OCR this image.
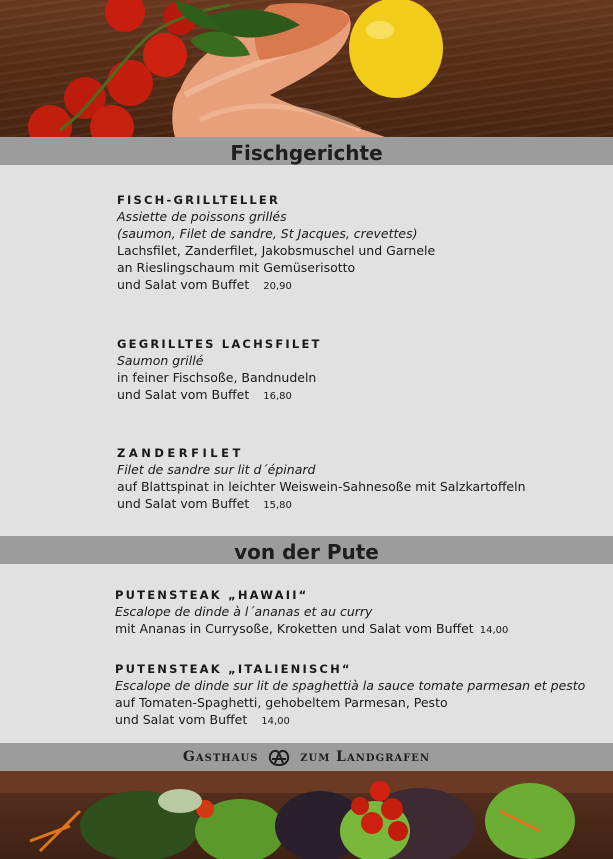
Fischgerichte

FISCH-GRILLTELLER

Assiette de poissons grillés

(saumon, Filet de sandre, St Jacques, crevettes)

Lachsfilet, Zanderfilet, Jakobsmuschel und Garnele

an Rieslingschaum mit Gemüserisotto

und Salat vom Buffet 20,90

GEGRILLTES LACHSFILET

Saumon grillé

in feiner Fischsoße, Bandnudeln

und Salat vom Buffet 16,80

ZANDERFILET

Filet de sandre sur lit d´épinard

auf Blattspinat in leichter Weiswein-Sahnesoße mit Salzkartoffeln

und Salat vom Buffet 15,80

von der Pute

PUTENSTEAK „HAWAII“

Escalope de dinde à l´ananas et au curry

mit Ananas in Currysoße, Kroketten und Salat vom Buffet 14,00

PUTENSTEAK „ITALIENISCH“

Escalope de dinde sur lit de spaghettià la sauce tomate parmesan et pesto

auf Tomaten-Spaghetti, gehobeltem Parmesan, Pesto

und Salat vom Buffet 14,00

Gasthaus	zum Landgrafen
